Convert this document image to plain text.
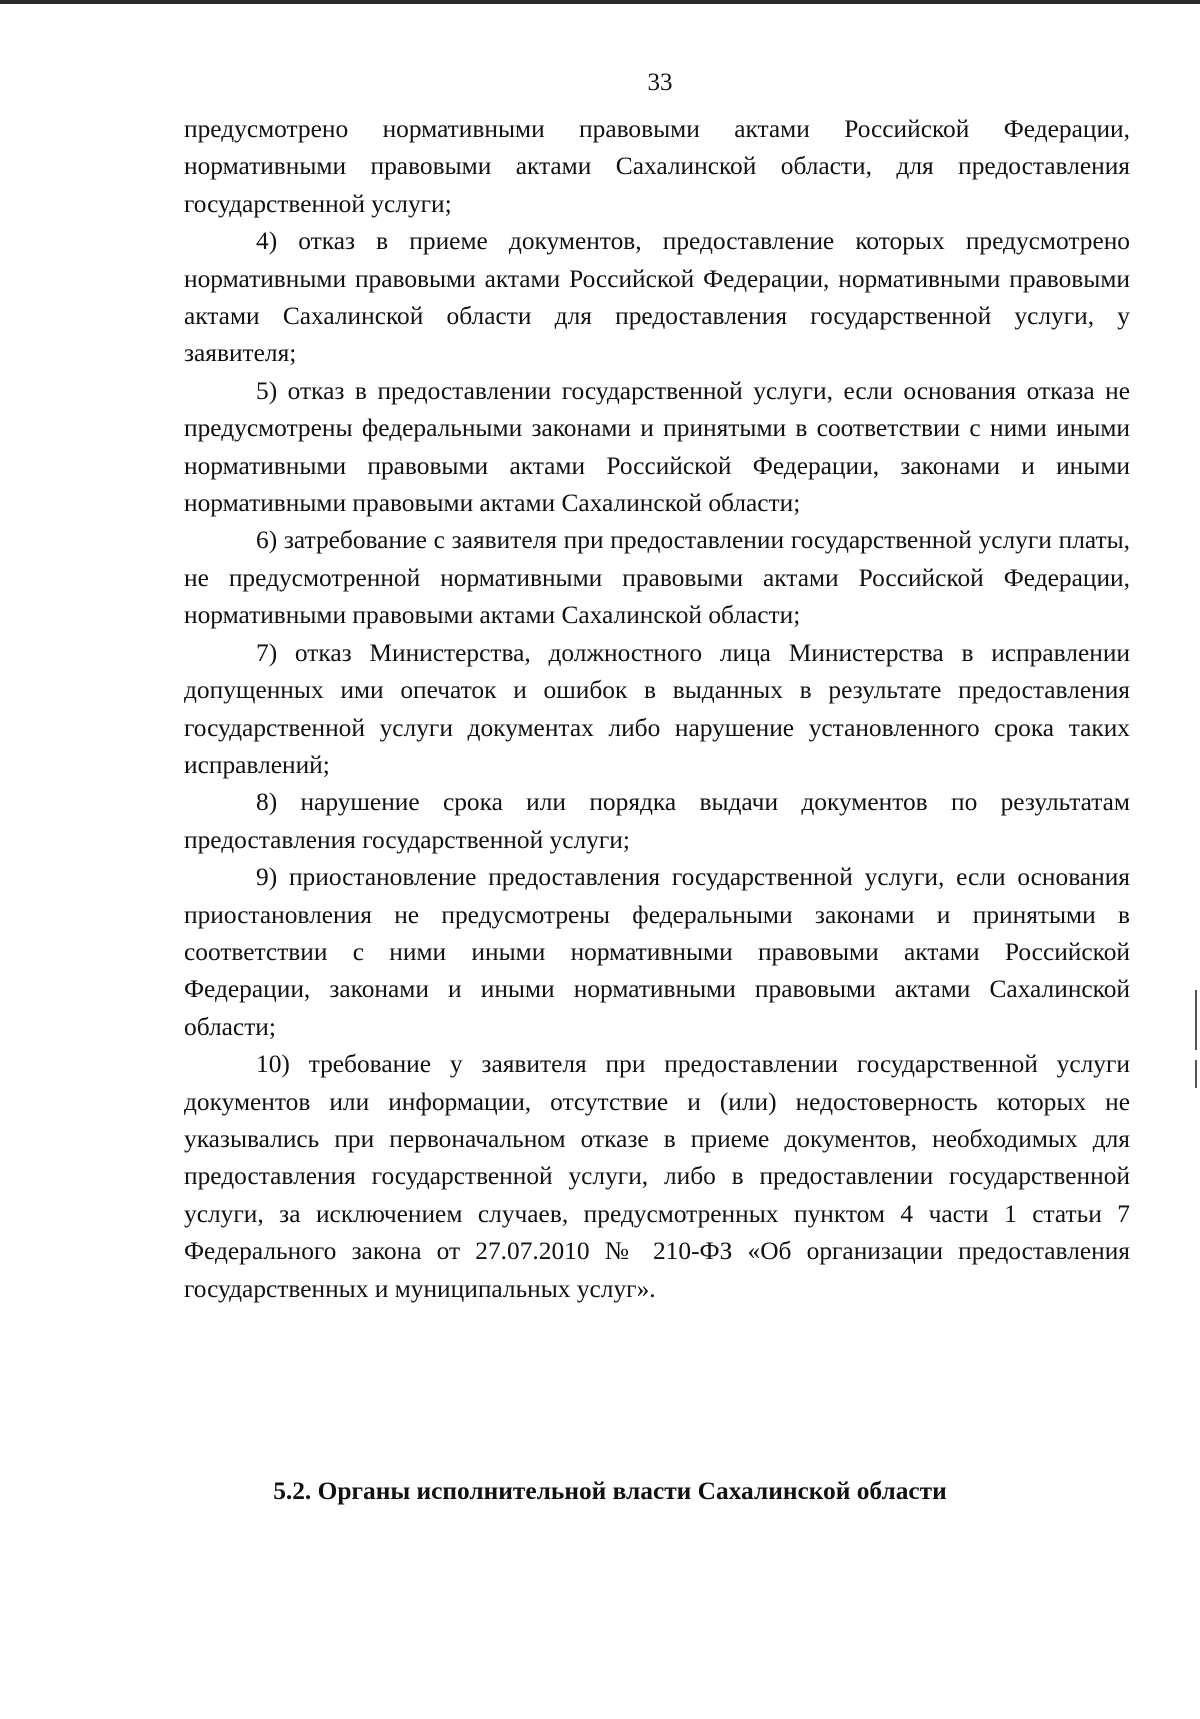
33

предусмотрено нормативными правовыми актами Российской Федерации, нормативными правовыми актами Сахалинской области, для предоставления государственной услуги;

4) отказ в приеме документов, предоставление которых предусмотрено нормативными правовыми актами Российской Федерации, нормативными правовыми актами Сахалинской области для предоставления государственной услуги, у заявителя;

5) отказ в предоставлении государственной услуги, если основания отказа не предусмотрены федеральными законами и принятыми в соответствии с ними иными нормативными правовыми актами Российской Федерации, законами и иными нормативными правовыми актами Сахалинской области;

6) затребование с заявителя при предоставлении государственной услуги платы, не предусмотренной нормативными правовыми актами Российской Федерации, нормативными правовыми актами Сахалинской области;

7) отказ Министерства, должностного лица Министерства в исправлении допущенных ими опечаток и ошибок в выданных в результате предоставления государственной услуги документах либо нарушение установленного срока таких исправлений;

8) нарушение срока или порядка выдачи документов по результатам предоставления государственной услуги;

9) приостановление предоставления государственной услуги, если основания приостановления не предусмотрены федеральными законами и принятыми в соответствии с ними иными нормативными правовыми актами Российской Федерации, законами и иными нормативными правовыми актами Сахалинской области;

10) требование у заявителя при предоставлении государственной услуги документов или информации, отсутствие и (или) недостоверность которых не указывались при первоначальном отказе в приеме документов, необходимых для предоставления государственной услуги, либо в предоставлении государственной услуги, за исключением случаев, предусмотренных пунктом 4 части 1 статьи 7 Федерального закона от 27.07.2010 № 210-ФЗ «Об организации предоставления государственных и муниципальных услуг».

5.2. Органы исполнительной власти Сахалинской области
